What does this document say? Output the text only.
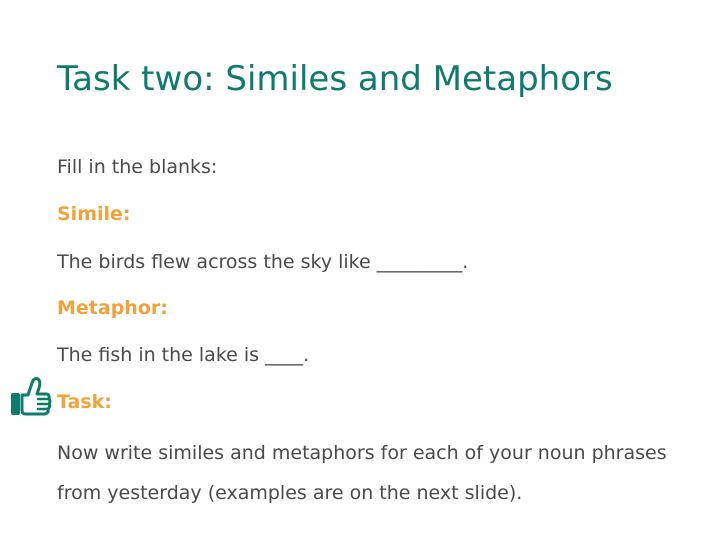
Task two: Similes and Metaphors

Fill in the blanks:

Simile:

The birds flew across the sky like _________.

Metaphor:

The fish in the lake is ____.

Task:

Now write similes and metaphors for each of your noun phrases from yesterday (examples are on the next slide).
